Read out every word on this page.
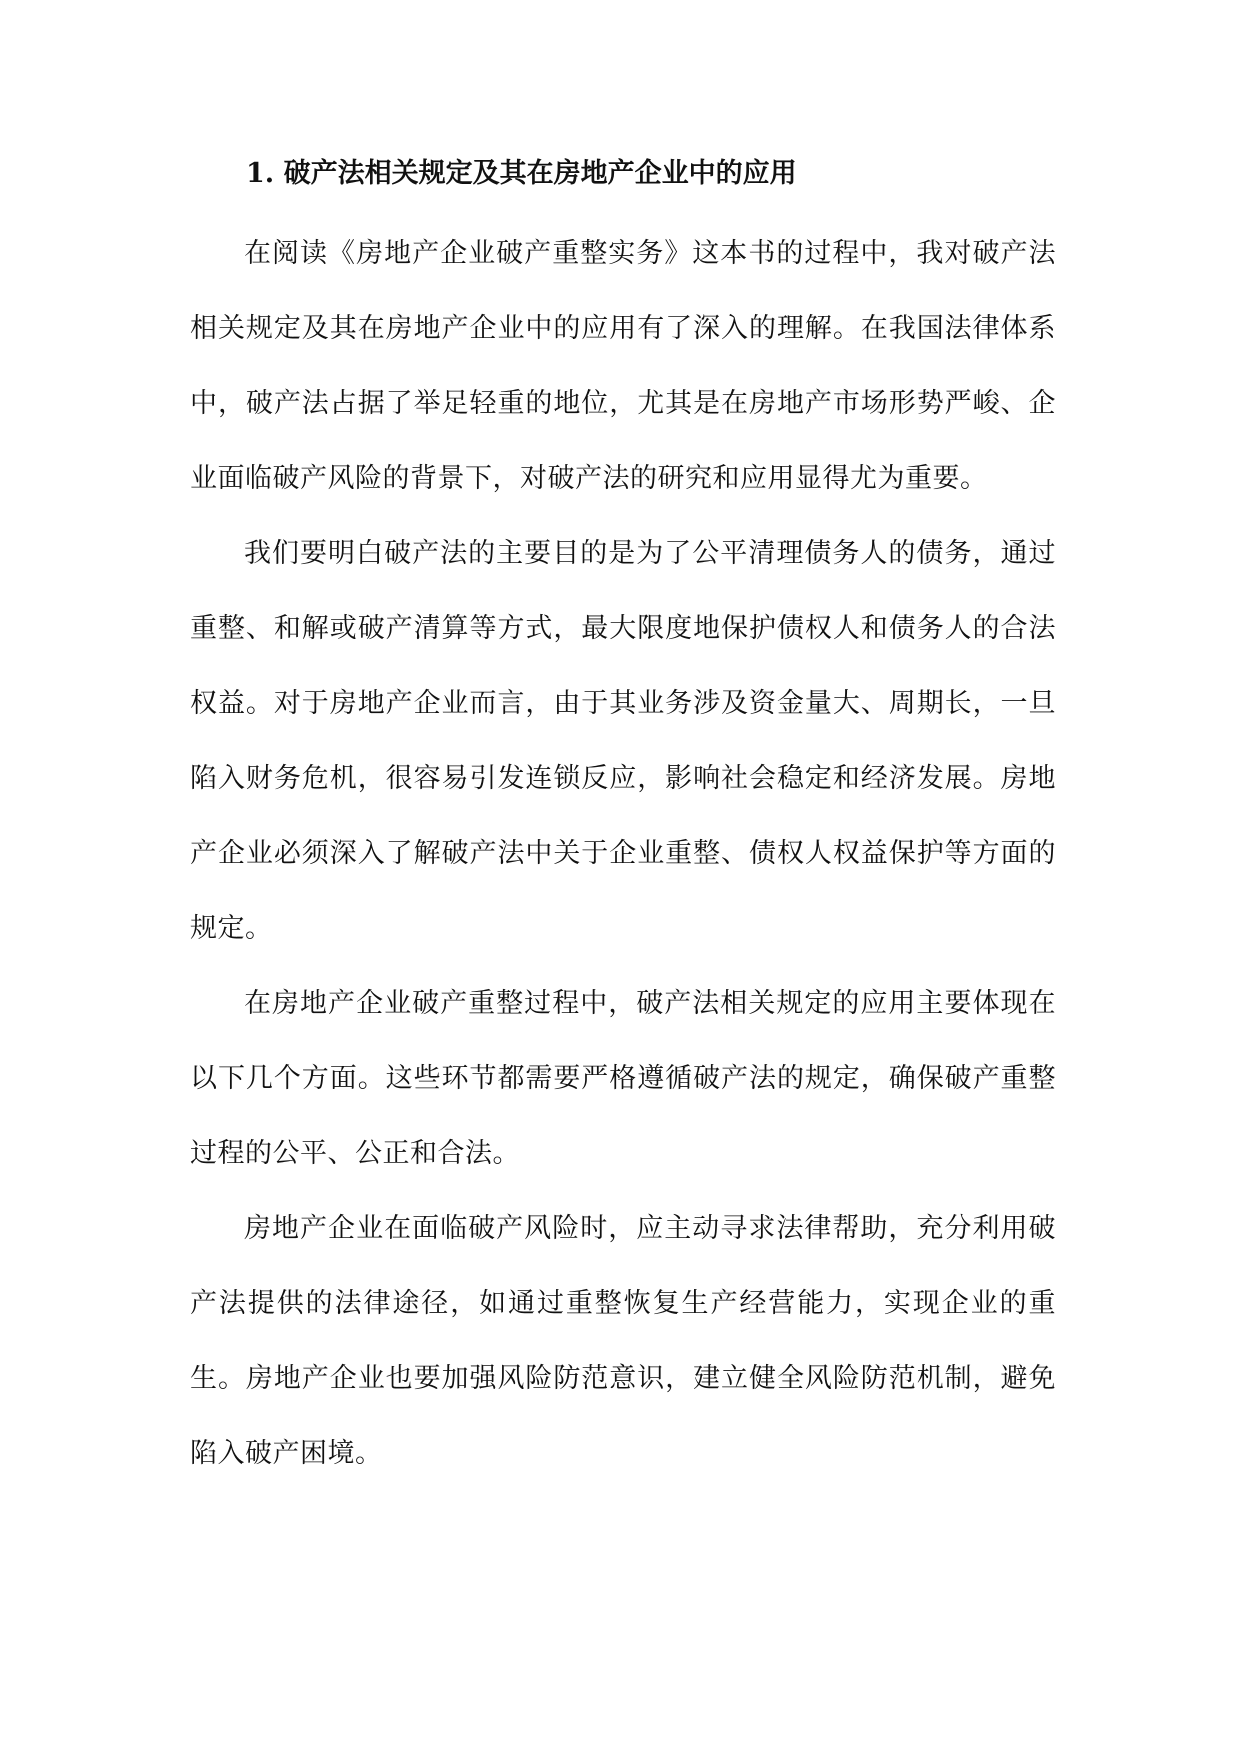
1. 破产法相关规定及其在房地产企业中的应用

在阅读《房地产企业破产重整实务》这本书的过程中，我对破产法相关规定及其在房地产企业中的应用有了深入的理解。在我国法律体系中，破产法占据了举足轻重的地位，尤其是在房地产市场形势严峻、企业面临破产风险的背景下，对破产法的研究和应用显得尤为重要。

我们要明白破产法的主要目的是为了公平清理债务人的债务，通过重整、和解或破产清算等方式，最大限度地保护债权人和债务人的合法权益。对于房地产企业而言，由于其业务涉及资金量大、周期长，一旦陷入财务危机，很容易引发连锁反应，影响社会稳定和经济发展。房地产企业必须深入了解破产法中关于企业重整、债权人权益保护等方面的规定。

在房地产企业破产重整过程中，破产法相关规定的应用主要体现在以下几个方面。这些环节都需要严格遵循破产法的规定，确保破产重整过程的公平、公正和合法。

房地产企业在面临破产风险时，应主动寻求法律帮助，充分利用破产法提供的法律途径，如通过重整恢复生产经营能力，实现企业的重生。房地产企业也要加强风险防范意识，建立健全风险防范机制，避免陷入破产困境。
